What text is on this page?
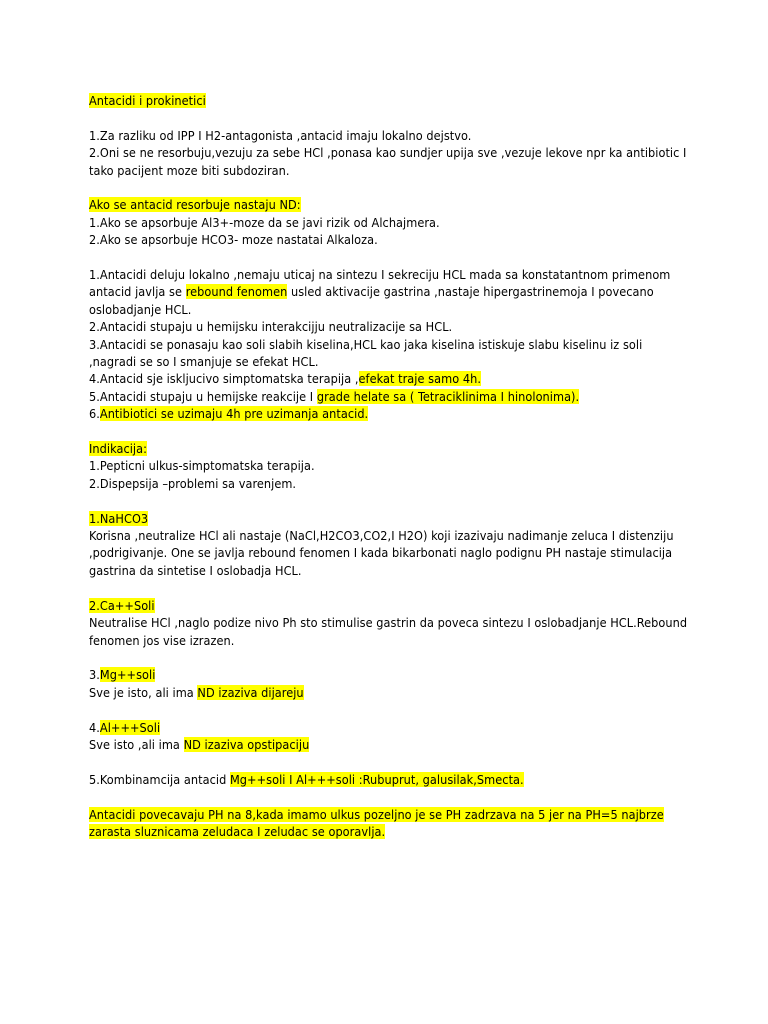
Antacidi i prokinetici

1.Za razliku od IPP I H2-antagonista ,antacid imaju lokalno dejstvo.

2.Oni se ne resorbuju,vezuju za sebe HCl ,ponasa kao sundjer upija sve ,vezuje lekove npr ka antibiotic I tako pacijent moze biti subdoziran.

Ako se antacid resorbuje nastaju ND:

1.Ako se apsorbuje Al3+-moze da se javi rizik od Alchajmera.

2.Ako se apsorbuje HCO3- moze nastatai Alkaloza.

1.Antacidi deluju lokalno ,nemaju uticaj na sintezu I sekreciju HCL mada sa konstatantnom primenom antacid javlja se rebound fenomen usled aktivacije gastrina ,nastaje hipergastrinemoja I povecano oslobadjanje HCL.

2.Antacidi stupaju u hemijsku interakcijju neutralizacije sa HCL.

3.Antacidi se ponasaju kao soli slabih kiselina,HCL kao jaka kiselina istiskuje slabu kiselinu iz soli ,nagradi se so I smanjuje se efekat HCL.

4.Antacid sje iskljucivo simptomatska terapija ,efekat traje samo 4h.

5.Antacidi stupaju u hemijske reakcije I grade helate sa ( Tetraciklinima I hinolonima).

6.Antibiotici se uzimaju 4h pre uzimanja antacid.

Indikacija:

1.Pepticni ulkus-simptomatska terapija.

2.Dispepsija –problemi sa varenjem.

1.NaHCO3

Korisna ,neutralize HCl ali nastaje (NaCl,H2CO3,CO2,I H2O) koji izazivaju nadimanje zeluca I distenziju ,podrigivanje. One se javlja rebound fenomen I kada bikarbonati naglo podignu PH nastaje stimulacija gastrina da sintetise I oslobadja HCL.

2.Ca++Soli

Neutralise HCl ,naglo podize nivo Ph sto stimulise gastrin da poveca sintezu I oslobadjanje HCL.Rebound fenomen jos vise izrazen.

3.Mg++soli

Sve je isto, ali ima ND izaziva dijareju

4.Al+++Soli

Sve isto ,ali ima ND izaziva opstipaciju

5.Kombinamcija antacid Mg++soli I Al+++soli :Rubuprut, galusilak,Smecta.

Antacidi povecavaju PH na 8,kada imamo ulkus pozeljno je se PH zadrzava na 5 jer na PH=5 najbrze zarasta sluznicama zeludaca I zeludac se oporavlja.
